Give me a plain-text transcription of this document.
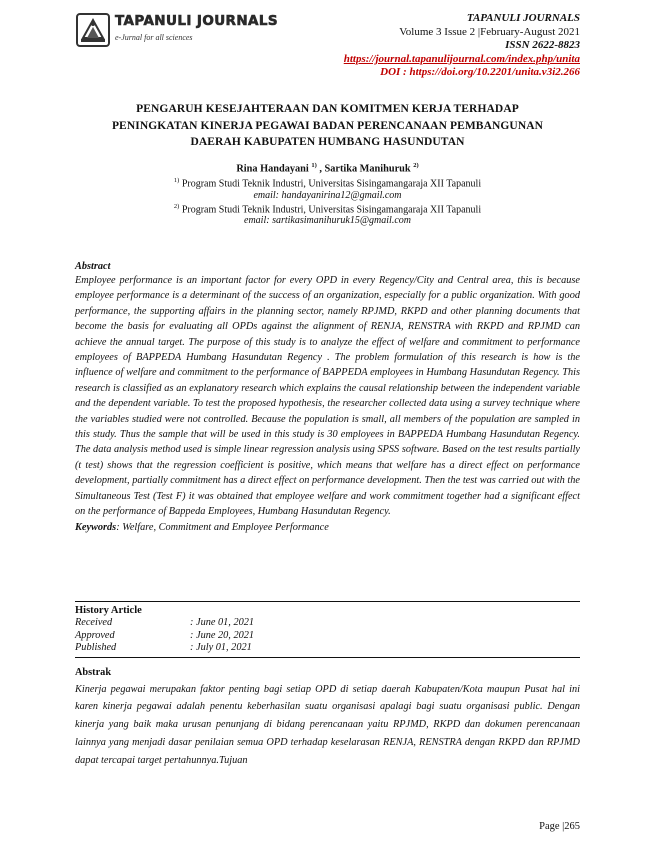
TAPANULI JOURNALS
e-Jurnal for all sciences
TAPANULI JOURNALS
Volume 3 Issue 2 |February-August 2021
ISSN 2622-8823
https://journal.tapanulijournal.com/index.php/unita
DOI : https://doi.org/10.2201/unita.v3i2.266
PENGARUH KESEJAHTERAAN DAN KOMITMEN KERJA TERHADAP
PENINGKATAN KINERJA PEGAWAI BADAN PERENCANAAN PEMBANGUNAN
DAERAH KABUPATEN HUMBANG HASUNDUTAN
Rina Handayani $^{1)}$ , Sartika Manihuruk $^{2)}$
$^{1)}$ Program Studi Teknik Industri, Universitas Sisingamangaraja XII Tapanuli
email: handayanirina12@gmail.com
$^{2)}$ Program Studi Teknik Industri, Universitas Sisingamangaraja XII Tapanuli
email: sartikasimanihuruk15@gmail.com
Abstract

Employee performance is an important factor for every OPD in every Regency/City and Central area, this is because employee performance is a determinant of the success of an organization, especially for a public organization. With good performance, the supporting affairs in the planning sector, namely RPJMD, RKPD and other planning documents that become the basis for evaluating all OPDs against the alignment of RENJA, RENSTRA with RKPD and RPJMD can achieve the annual target. The purpose of this study is to analyze the effect of welfare and commitment to performance employees of BAPPEDA Humbang Hasundutan Regency . The problem formulation of this research is how is the influence of welfare and commitment to the performance of BAPPEDA employees in Humbang Hasundutan Regency. This research is classified as an explanatory research which explains the causal relationship between the independent variable and the dependent variable. To test the proposed hypothesis, the researcher collected data using a survey technique where the variables studied were not controlled. Because the population is small, all members of the population are sampled in this study. Thus the sample that will be used in this study is 30 employees in BAPPEDA Humbang Hasundutan Regency. The data analysis method used is simple linear regression analysis using SPSS software. Based on the test results partially (t test) shows that the regression coefficient is positive, which means that welfare has a direct effect on performance development, partially commitment has a direct effect on performance development. Then the test was carried out with the Simultaneous Test (Test F) it was obtained that employee welfare and work commitment together had a significant effect on the performance of Bappeda Employees, Humbang Hasundutan Regency.

Keywords: Welfare, Commitment and Employee Performance
History Article
Received	: June 01, 2021
Approved	: June 20, 2021
Published	: July 01, 2021
Abstrak

Kinerja pegawai merupakan faktor penting bagi setiap OPD di setiap daerah Kabupaten/Kota maupun Pusat hal ini karen kinerja pegawai adalah penentu keberhasilan suatu organisasi apalagi bagi suatu organisasi public. Dengan kinerja yang baik maka urusan penunjang di bidang perencanaan yaitu RPJMD, RKPD dan dokumen perencanaan lainnya yang menjadi dasar penilaian semua OPD terhadap keselarasan RENJA, RENSTRA dengan RKPD dan RPJMD dapat tercapai target pertahunnya.Tujuan

Page |265
